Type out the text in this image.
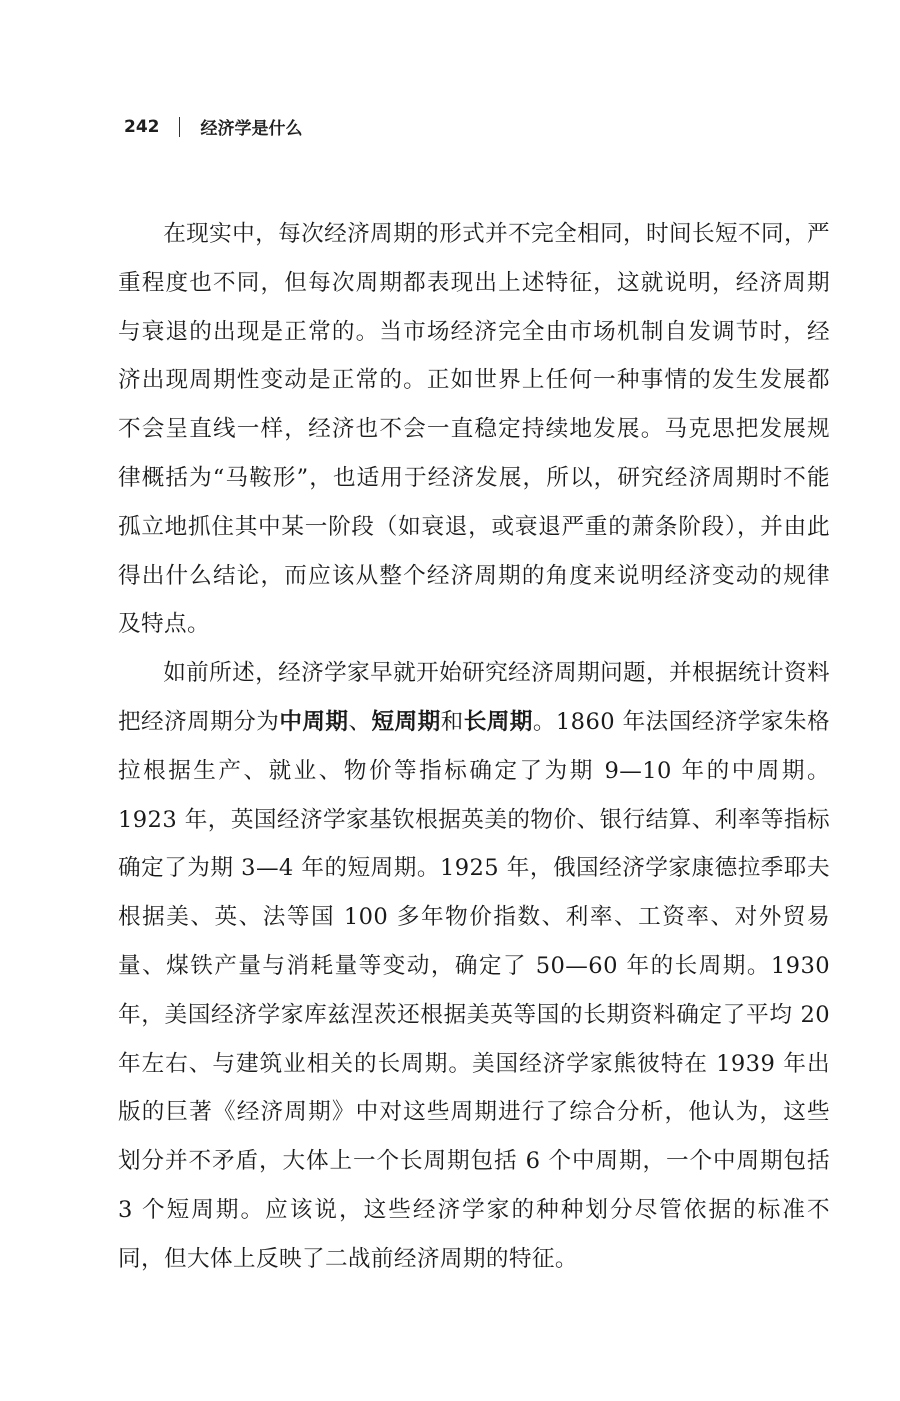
242 经济学是什么

在现实中，每次经济周期的形式并不完全相同，时间长短不同，严重程度也不同，但每次周期都表现出上述特征，这就说明，经济周期与衰退的出现是正常的。当市场经济完全由市场机制自发调节时，经济出现周期性变动是正常的。正如世界上任何一种事情的发生发展都不会呈直线一样，经济也不会一直稳定持续地发展。马克思把发展规律概括为“马鞍形”，也适用于经济发展，所以，研究经济周期时不能孤立地抓住其中某一阶段（如衰退，或衰退严重的萧条阶段），并由此得出什么结论，而应该从整个经济周期的角度来说明经济变动的规律及特点。

如前所述，经济学家早就开始研究经济周期问题，并根据统计资料把经济周期分为中周期、短周期和长周期。1860 年法国经济学家朱格拉根据生产、就业、物价等指标确定了为期 9—10 年的中周期。1923 年，英国经济学家基钦根据英美的物价、银行结算、利率等指标确定了为期 3—4 年的短周期。1925 年，俄国经济学家康德拉季耶夫根据美、英、法等国 100 多年物价指数、利率、工资率、对外贸易量、煤铁产量与消耗量等变动，确定了 50—60 年的长周期。1930 年，美国经济学家库兹涅茨还根据美英等国的长期资料确定了平均 20 年左右、与建筑业相关的长周期。美国经济学家熊彼特在 1939 年出版的巨著《经济周期》中对这些周期进行了综合分析，他认为，这些划分并不矛盾，大体上一个长周期包括 6 个中周期，一个中周期包括 3 个短周期。应该说，这些经济学家的种种划分尽管依据的标准不同，但大体上反映了二战前经济周期的特征。
